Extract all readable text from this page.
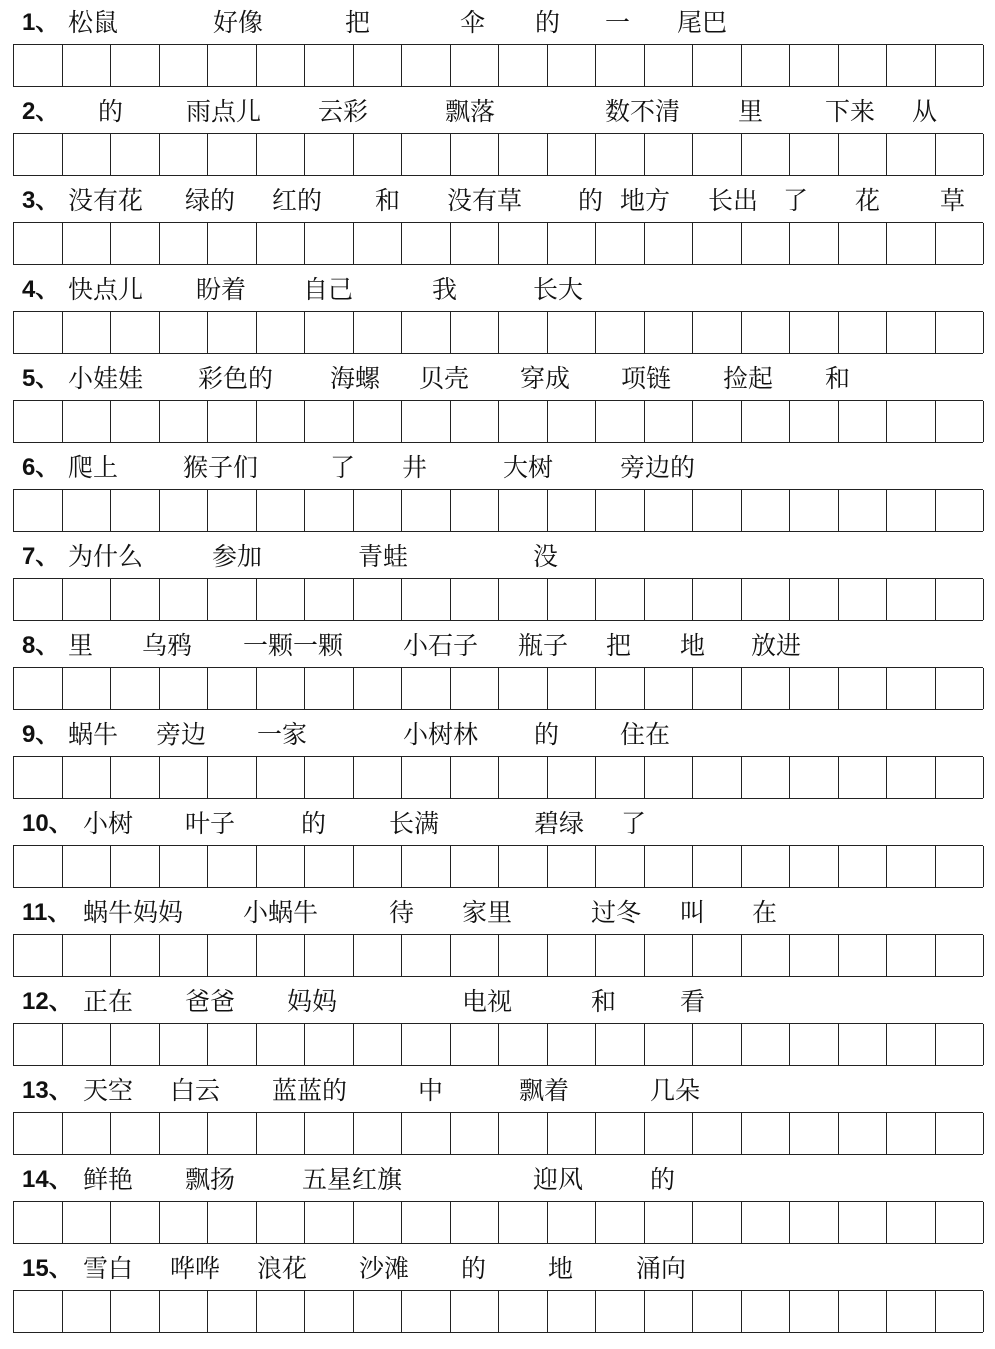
1、 松鼠	好像	把	伞 的 一 尾巴
2、 的	雨点儿 云彩	飘落	数不清 里 下来 从
3、 没有花 绿的 红的 和 没有草 的 地方 长出 了 花 草
4、 快点儿 盼着 自己	我	长大
5、 小娃娃 彩色的 海螺 贝壳 穿成 项链 捡起 和
6、 爬上	猴子们	了 井	大树	旁边的
7、 为什么	参加	青蛙	没
8、 里 乌鸦 一颗一颗 小石子 瓶子 把 地 放进
9、 蜗牛 旁边 一家	小树林 的 住在
10、 小树 叶子	的	长满	碧绿 了
11、 蜗牛妈妈 小蜗牛	待 家里	过冬 叫 在
12、 正在 爸爸 妈妈	电视	和	看
13、 天空 白云 蓝蓝的	中	飘着	几朵
14、 鲜艳 飘扬	五星红旗	迎风	的
15、 雪白 哗哗 浪花 沙滩 的 地	涌向
